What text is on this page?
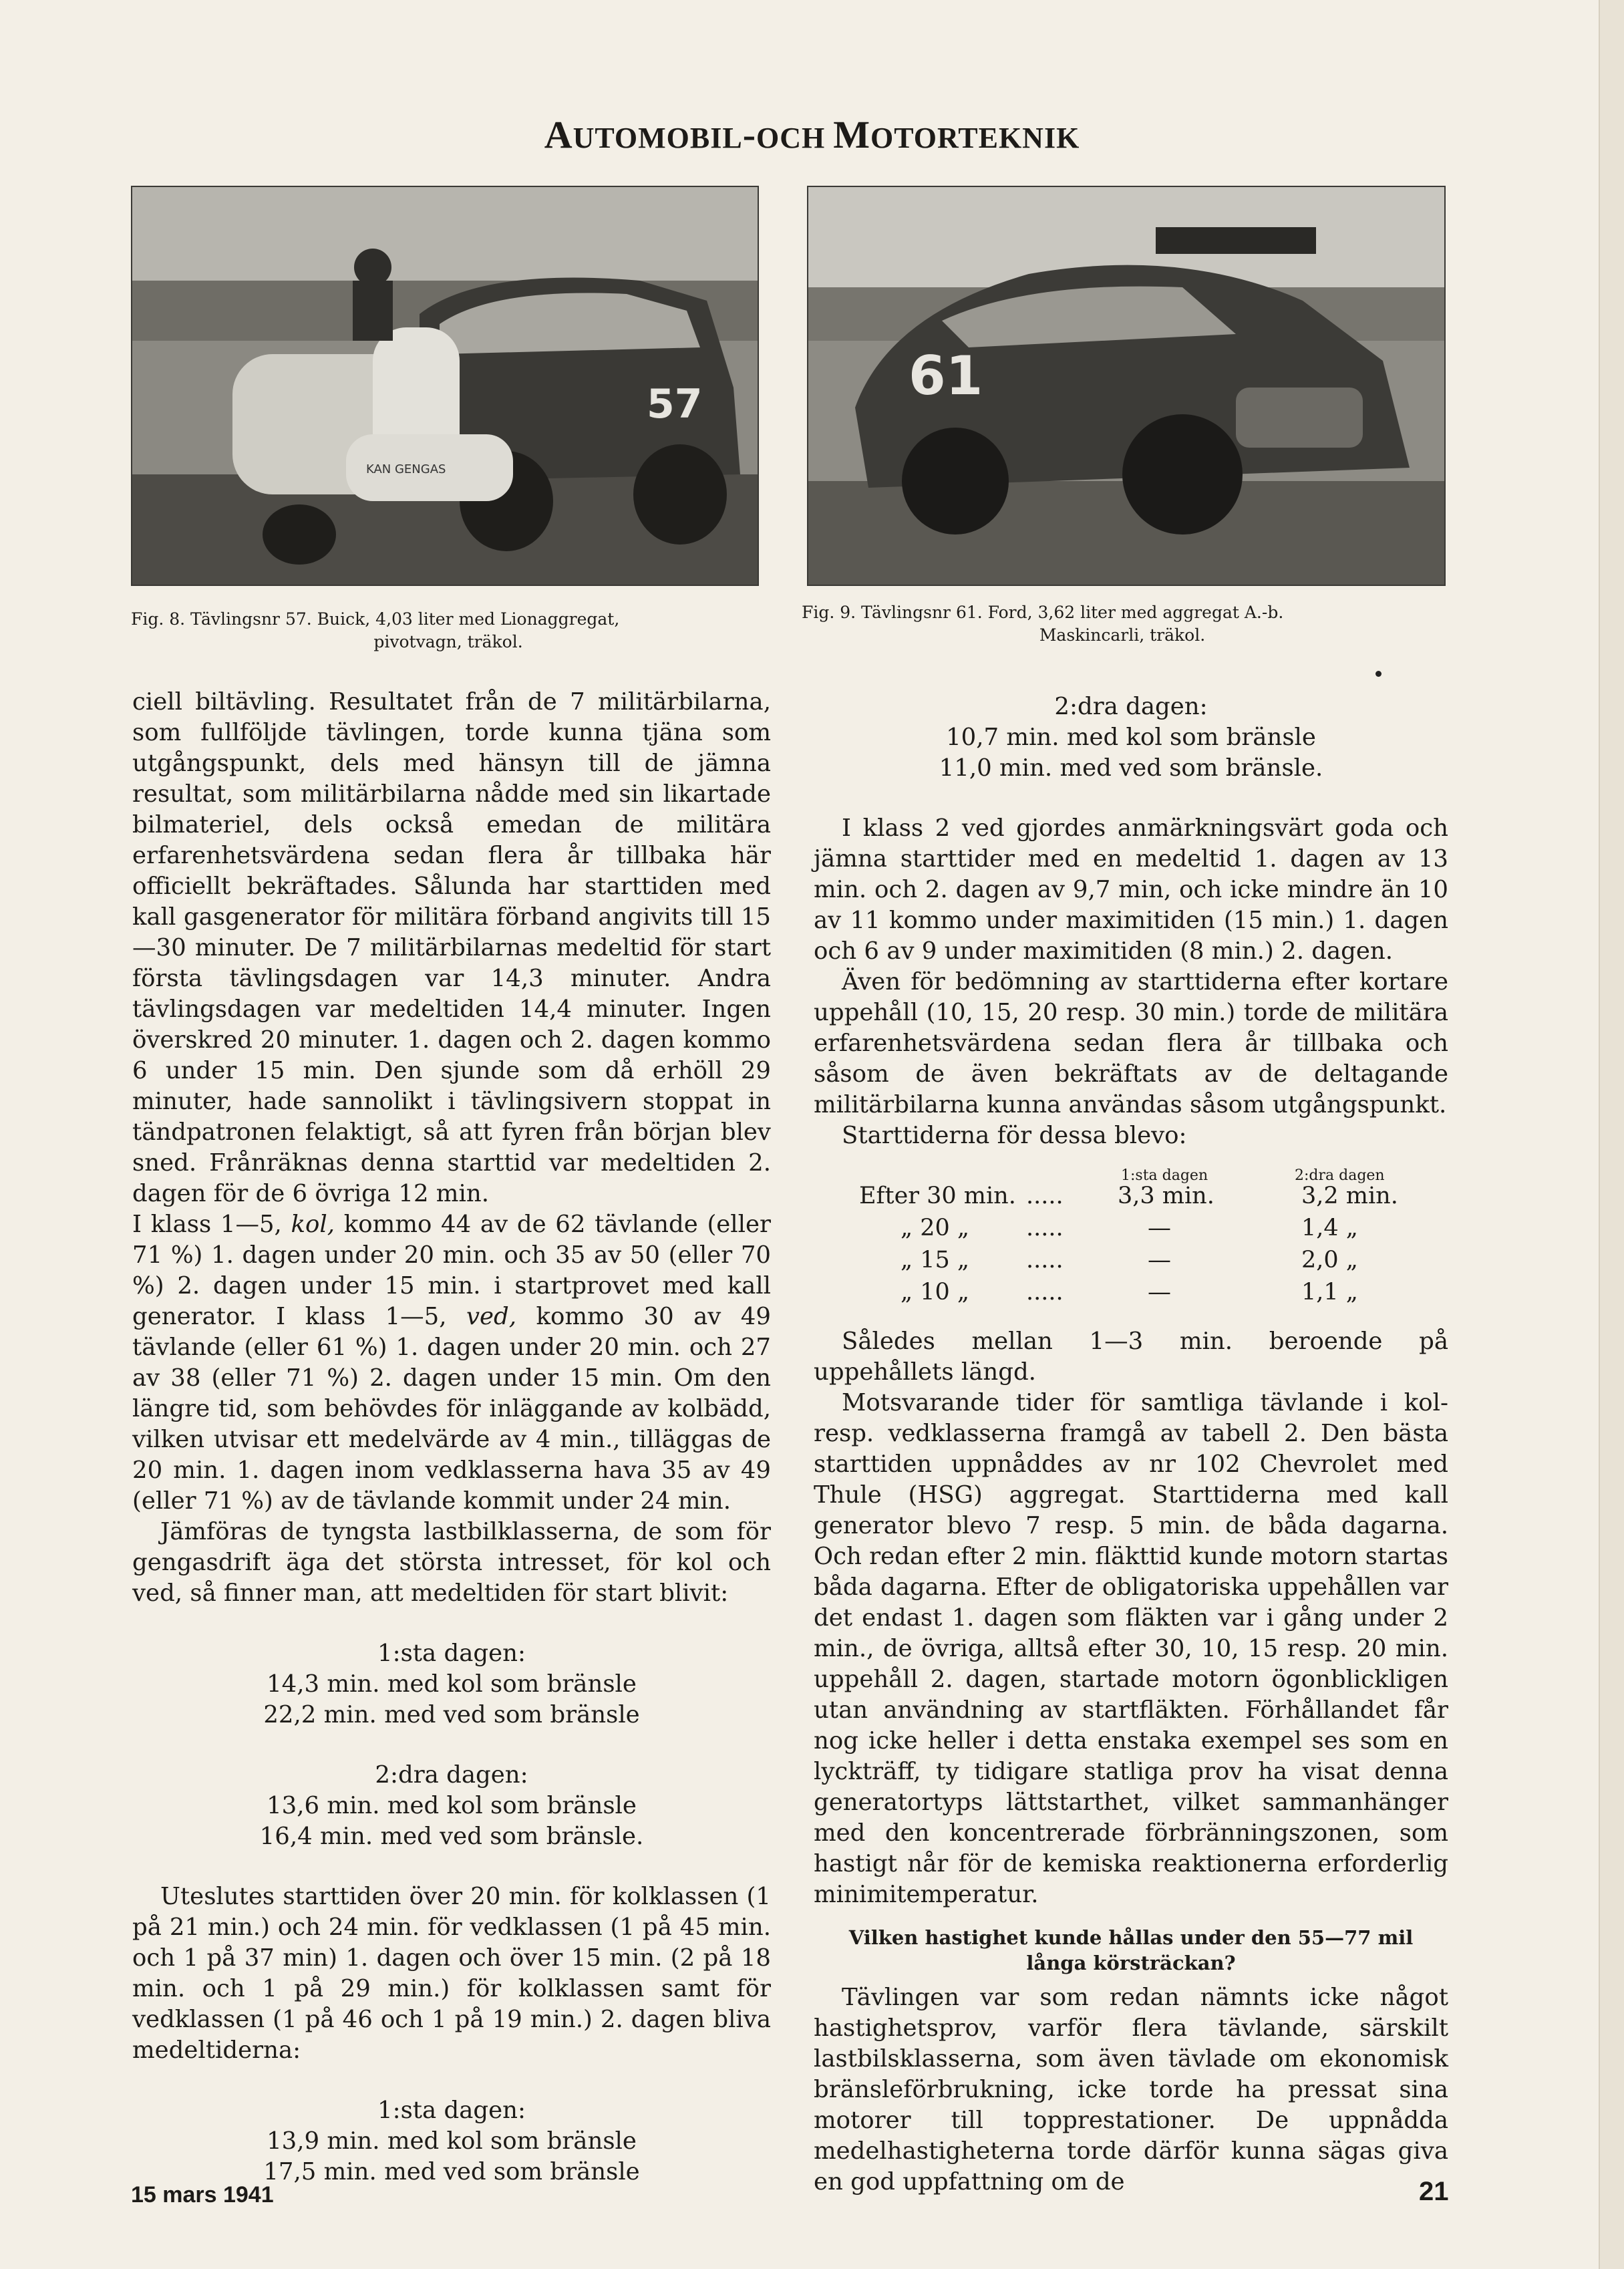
AUTOMOBIL-OCH MOTORTEKNIK
KAN GENGAS
57	61
Fig. 8. Tävlingsnr 57. Buick, 4,03 liter med Lionaggregat,
pivotvagn, träkol.
Fig. 9. Tävlingsnr 61. Ford, 3,62 liter med aggregat A.-b.
Maskincarli, träkol.

ciell biltävling. Resultatet från de 7 militärbilarna, som fullföljde tävlingen, torde kunna tjäna som utgångspunkt, dels med hänsyn till de jämna resultat, som militärbilarna nådde med sin likartade bilmateriel, dels också emedan de militära erfarenhetsvärdena sedan flera år tillbaka här officiellt bekräftades. Sålunda har starttiden med kall gasgenerator för militära förband angivits till 15—30 minuter. De 7 militärbilarnas medeltid för start första tävlingsdagen var 14,3 minuter. Andra tävlingsdagen var medeltiden 14,4 minuter. Ingen överskred 20 minuter. 1. dagen och 2. dagen kommo 6 under 15 min. Den sjunde som då erhöll 29 minuter, hade sannolikt i tävlingsivern stoppat in tändpatronen felaktigt, så att fyren från början blev sned. Frånräknas denna starttid var medeltiden 2. dagen för de 6 övriga 12 min.

I klass 1—5, kol, kommo 44 av de 62 tävlande (eller 71 %) 1. dagen under 20 min. och 35 av 50 (eller 70 %) 2. dagen under 15 min. i startprovet med kall generator. I klass 1—5, ved, kommo 30 av 49 tävlande (eller 61 %) 1. dagen under 20 min. och 27 av 38 (eller 71 %) 2. dagen under 15 min. Om den längre tid, som behövdes för inläggande av kolbädd, vilken utvisar ett medelvärde av 4 min., tilläggas de 20 min. 1. dagen inom vedklasserna hava 35 av 49 (eller 71 %) av de tävlande kommit under 24 min.

Jämföras de tyngsta lastbilklasserna, de som för gengasdrift äga det största intresset, för kol och ved, så finner man, att medeltiden för start blivit:

1:sta dagen:
14,3 min. med kol som bränsle
22,2 min. med ved som bränsle
2:dra dagen:
13,6 min. med kol som bränsle
16,4 min. med ved som bränsle.

Uteslutes starttiden över 20 min. för kolklassen (1 på 21 min.) och 24 min. för vedklassen (1 på 45 min. och 1 på 37 min) 1. dagen och över 15 min. (2 på 18 min. och 1 på 29 min.) för kolklassen samt för vedklassen (1 på 46 och 1 på 19 min.) 2. dagen bliva medeltiderna:

1:sta dagen:
13,9 min. med kol som bränsle
17,5 min. med ved som bränsle
2:dra dagen:
10,7 min. med kol som bränsle
11,0 min. med ved som bränsle.

I klass 2 ved gjordes anmärkningsvärt goda och jämna starttider med en medeltid 1. dagen av 13 min. och 2. dagen av 9,7 min, och icke mindre än 10 av 11 kommo under maximitiden (15 min.) 1. dagen och 6 av 9 under maximitiden (8 min.) 2. dagen.

Även för bedömning av starttiderna efter kortare uppehåll (10, 15, 20 resp. 30 min.) torde de militära erfarenhetsvärdena sedan flera år tillbaka och såsom de även bekräftats av de deltagande militärbilarna kunna användas såsom utgångspunkt.

Starttiderna för dessa blevo:

1:sta dagen	2:dra dagen
Efter 30 min. ..... 3,3 min.	3,2 min.
„ 20 „ .....	—	1,4 „
„ 15 „ .....	—	2,0 „
„ 10 „ .....	—	1,1 „

Således mellan 1—3 min. beroende på uppehållets längd.

Motsvarande tider för samtliga tävlande i kol- resp. vedklasserna framgå av tabell 2. Den bästa starttiden uppnåddes av nr 102 Chevrolet med Thule (HSG) aggregat. Starttiderna med kall generator blevo 7 resp. 5 min. de båda dagarna. Och redan efter 2 min. fläkttid kunde motorn startas båda dagarna. Efter de obligatoriska uppehållen var det endast 1. dagen som fläkten var i gång under 2 min., de övriga, alltså efter 30, 10, 15 resp. 20 min. uppehåll 2. dagen, startade motorn ögonblickligen utan användning av startfläkten. Förhållandet får nog icke heller i detta enstaka exempel ses som en lyckträff, ty tidigare statliga prov ha visat denna generatortyps lättstarthet, vilket sammanhänger med den koncentrerade förbränningszonen, som hastigt når för de kemiska reaktionerna erforderlig minimitemperatur.

Vilken hastighet kunde hållas under den 55—77 mil
långa körsträckan?

Tävlingen var som redan nämnts icke något hastighetsprov, varför flera tävlande, särskilt lastbilsklasserna, som även tävlade om ekonomisk bränsleförbrukning, icke torde ha pressat sina motorer till topprestationer. De uppnådda medelhastigheterna torde därför kunna sägas giva en god uppfattning om de

15 mars 1941	21
